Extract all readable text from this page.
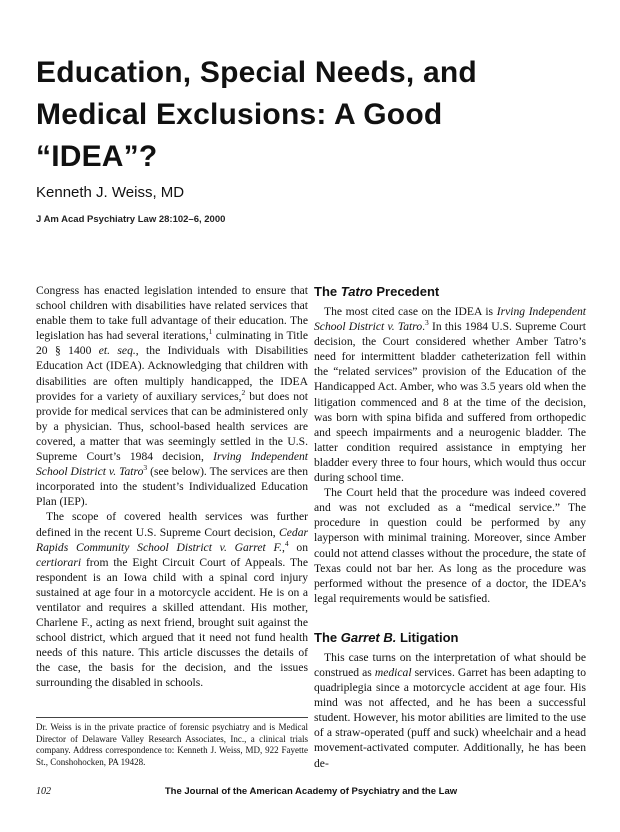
Education, Special Needs, and Medical Exclusions: A Good “IDEA”?

Kenneth J. Weiss, MD

J Am Acad Psychiatry Law 28:102–6, 2000

Congress has enacted legislation intended to ensure that school children with disabilities have related services that enable them to take full advantage of their education. The legislation has had several iterations,$^1$ culminating in Title 20 § 1400 et. seq., the Individuals with Disabilities Education Act (IDEA). Acknowledging that children with disabilities are often multiply handicapped, the IDEA provides for a variety of auxiliary services,$^2$ but does not provide for medical services that can be administered only by a physician. Thus, school-based health services are covered, a matter that was seemingly settled in the U.S. Supreme Court’s 1984 decision, Irving Independent School District v. Tatro$^3$ (see below). The services are then incorporated into the student’s Individualized Education Plan (IEP).

The scope of covered health services was further defined in the recent U.S. Supreme Court decision, Cedar Rapids Community School District v. Garret F.,$^4$ on certiorari from the Eight Circuit Court of Appeals. The respondent is an Iowa child with a spinal cord injury sustained at age four in a motorcycle accident. He is on a ventilator and requires a skilled attendant. His mother, Charlene F., acting as next friend, brought suit against the school district, which argued that it need not fund health needs of this nature. This article discusses the details of the case, the basis for the decision, and the issues surrounding the disabled in schools.

Dr. Weiss is in the private practice of forensic psychiatry and is Medical Director of Delaware Valley Research Associates, Inc., a clinical trials company. Address correspondence to: Kenneth J. Weiss, MD, 922 Fayette St., Conshohocken, PA 19428.

The Tatro Precedent

The most cited case on the IDEA is Irving Independent School District v. Tatro.$^3$ In this 1984 U.S. Supreme Court decision, the Court considered whether Amber Tatro’s need for intermittent bladder catheterization fell within the “related services” provision of the Education of the Handicapped Act. Amber, who was 3.5 years old when the litigation commenced and 8 at the time of the decision, was born with spina bifida and suffered from orthopedic and speech impairments and a neurogenic bladder. The latter condition required assistance in emptying her bladder every three to four hours, which would thus occur during school time.

The Court held that the procedure was indeed covered and was not excluded as a “medical service.” The procedure in question could be performed by any layperson with minimal training. Moreover, since Amber could not attend classes without the procedure, the state of Texas could not bar her. As long as the procedure was performed without the presence of a doctor, the IDEA’s legal requirements would be satisfied.

The Garret B. Litigation

This case turns on the interpretation of what should be construed as medical services. Garret has been adapting to quadriplegia since a motorcycle accident at age four. His mind was not affected, and he has been a successful student. However, his motor abilities are limited to the use of a straw-operated (puff and suck) wheelchair and a head movement-activated computer. Additionally, he has been de-

102	The Journal of the American Academy of Psychiatry and the Law
